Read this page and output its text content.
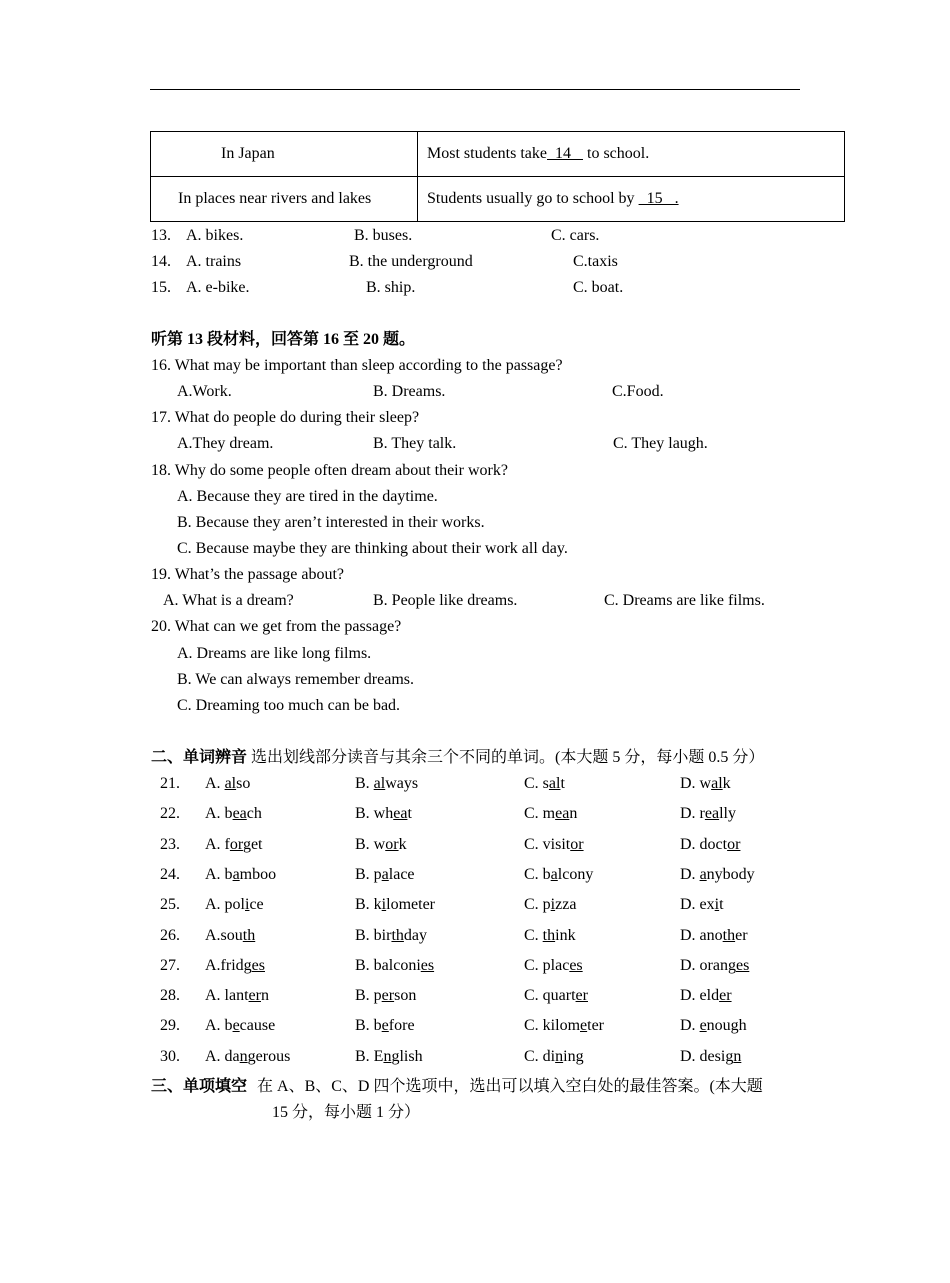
In Japan	Most students take  14    to school.
In places near rivers and lakes	Students usually go to school by   15   .
13. A. bikes.	B. buses.	C. cars.
14. A. trains	B. the underground	C.taxis
15. A. e-bike.	B. ship.	C. boat.
听第 13 段材料，回答第 16 至 20 题。
16. What may be important than sleep according to the passage?
A.Work.	B. Dreams.	C.Food.
17. What do people do during their sleep?
A.They dream.	B. They talk.	C. They laugh.
18. Why do some people often dream about their work?
A. Because they are tired in the daytime.
B. Because they aren’t interested in their works.
C. Because maybe they are thinking about their work all day.
19. What’s the passage about?
A. What is a dream?	B. People like dreams.	C. Dreams are like films.
20. What can we get from the passage?
A. Dreams are like long films.
B. We can always remember dreams.
C. Dreaming too much can be bad.
二、单词辨音 选出划线部分读音与其余三个不同的单词。(本大题 5 分，每小题 0.5 分）
21. A. also	B. always	C. salt	D. walk
22. A. beach	B. wheat	C. mean	D. really
23. A. forget	B. work	C. visitor	D. doctor
24. A. bamboo	B. palace	C. balcony	D. anybody
25. A. police	B. kilometer	C. pizza	D. exit
26. A.south	B. birthday	C. think	D. another
27. A.fridges	B. balconies	C. places	D. oranges
28. A. lantern	B. person	C. quarter	D. elder
29. A. because	B. before	C. kilometer	D. enough
30. A. dangerous	B. English	C. dining	D. design
三、单项填空 在 A、B、C、D 四个选项中，选出可以填入空白处的最佳答案。(本大题
15 分，每小题 1 分）
